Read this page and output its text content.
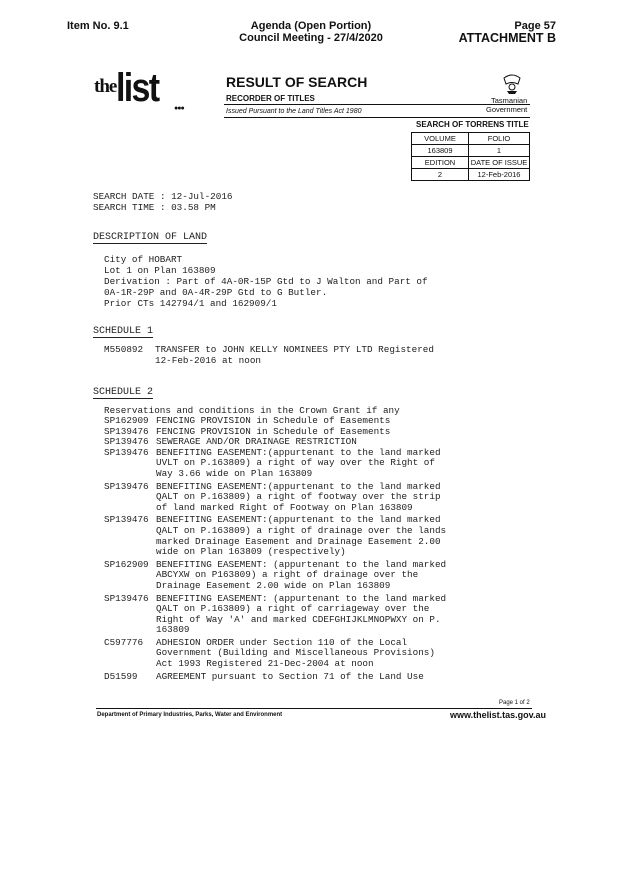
Item No. 9.1	Agenda (Open Portion)
Council Meeting - 27/4/2020
Page 57
ATTACHMENT B
the list ●●●
RESULT OF SEARCH
RECORDER OF TITLES
Issued Pursuant to the Land Titles Act 1980
Tasmanian
Government
SEARCH OF TORRENS TITLE
VOLUME	FOLIO
163809	1
EDITION	DATE OF ISSUE
2	12-Feb-2016
SEARCH DATE : 12-Jul-2016
SEARCH TIME : 03.58 PM
DESCRIPTION OF LAND
City of HOBART
Lot 1 on Plan 163809
Derivation : Part of 4A-0R-15P Gtd to J Walton and Part of
0A-1R-29P and 0A-4R-29P Gtd to G Butler.
Prior CTs 142794/1 and 162909/1
SCHEDULE 1
M550892 TRANSFER to JOHN KELLY NOMINEES PTY LTD Registered
12-Feb-2016 at noon
SCHEDULE 2
Reservations and conditions in the Crown Grant if any
SP162909 FENCING PROVISION in Schedule of Easements
SP139476 FENCING PROVISION in Schedule of Easements
SP139476 SEWERAGE AND/OR DRAINAGE RESTRICTION
SP139476 BENEFITING EASEMENT:(appurtenant to the land marked
UVLT on P.163809) a right of way over the Right of
Way 3.66 wide on Plan 163809
SP139476 BENEFITING EASEMENT:(appurtenant to the land marked
QALT on P.163809) a right of footway over the strip
of land marked Right of Footway on Plan 163809
SP139476 BENEFITING EASEMENT:(appurtenant to the land marked
QALT on P.163809) a right of drainage over the lands
marked Drainage Easement and Drainage Easement 2.00
wide on Plan 163809 (respectively)
SP162909 BENEFITING EASEMENT: (appurtenant to the land marked
ABCYXW on P163809) a right of drainage over the
Drainage Easement 2.00 wide on Plan 163809
SP139476 BENEFITING EASEMENT: (appurtenant to the land marked
QALT on P.163809) a right of carriageway over the
Right of Way 'A' and marked CDEFGHIJKLMNOPWXY on P.
163809
C597776	ADHESION ORDER under Section 110 of the Local
Government (Building and Miscellaneous Provisions)
Act 1993 Registered 21-Dec-2004 at noon
D51599	AGREEMENT pursuant to Section 71 of the Land Use
Page 1 of 2
Department of Primary Industries, Parks, Water and Environment	www.thelist.tas.gov.au
